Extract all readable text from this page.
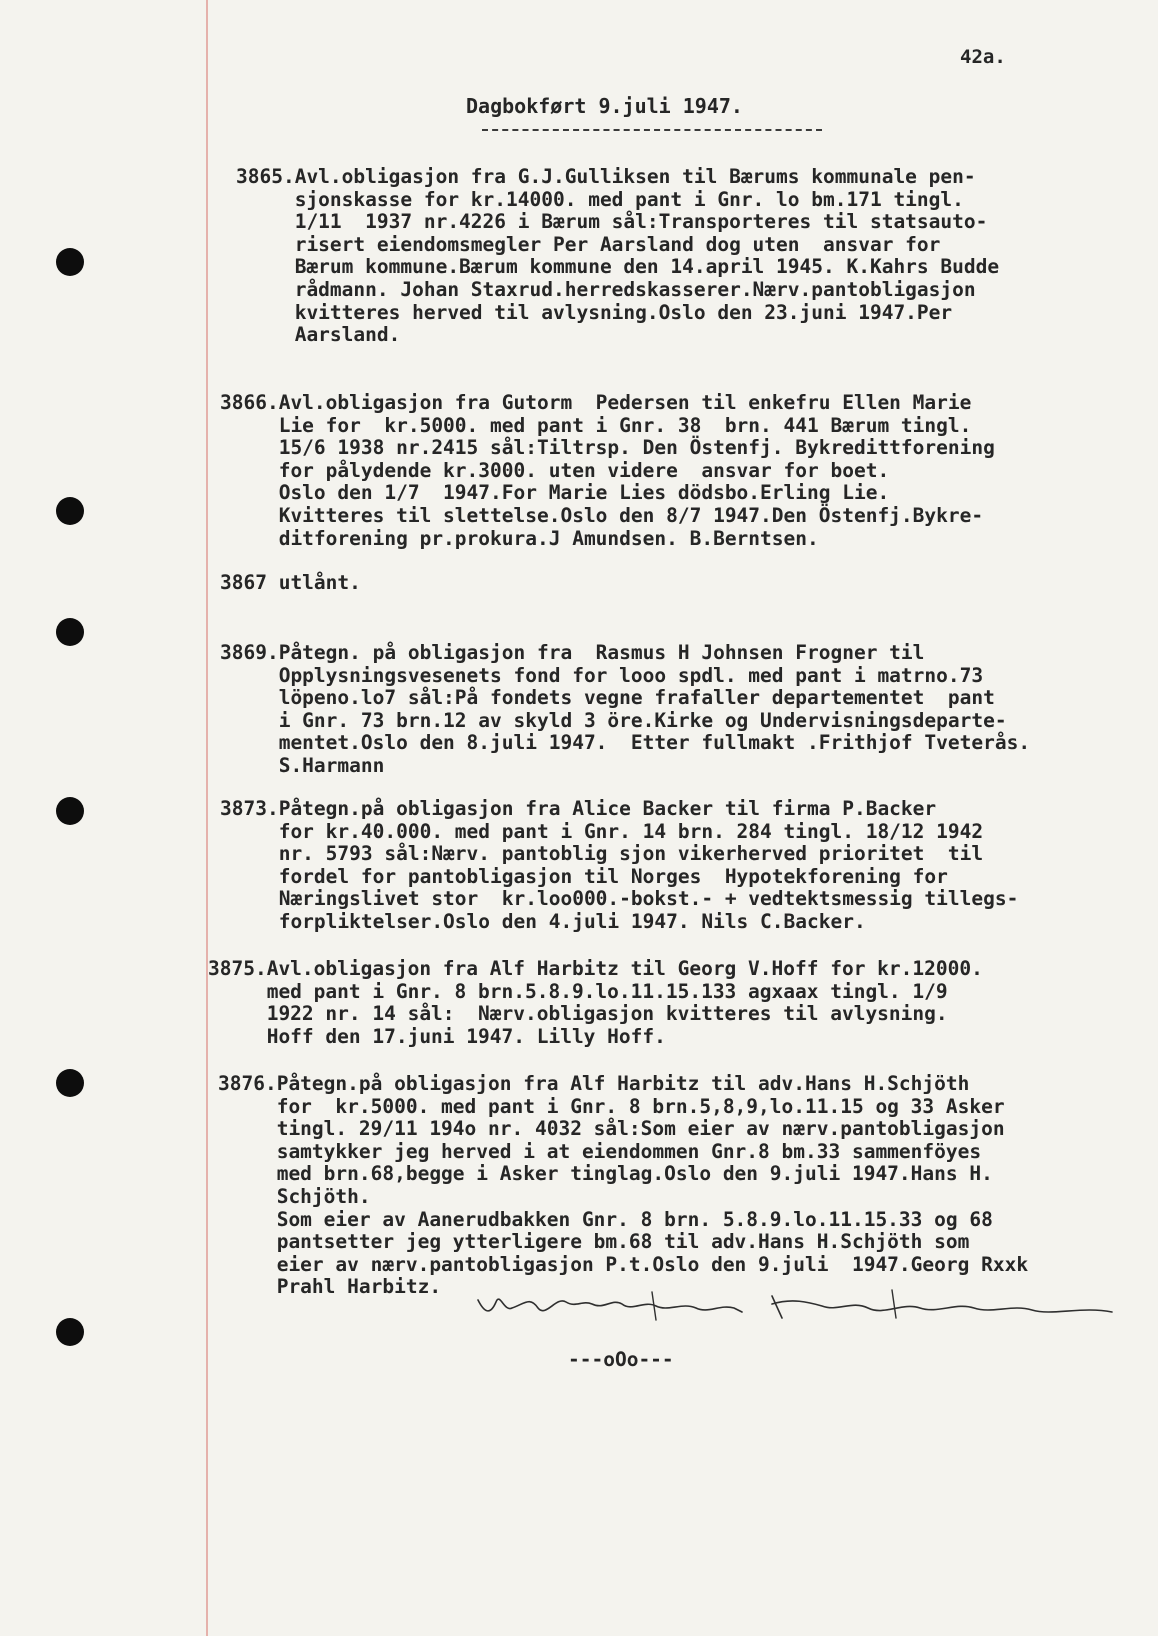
42a.
Dagbokført 9.juli 1947.
3865.Avl.obligasjon fra G.J.Gulliksen til Bærums kommunale pen-
sjonskasse for kr.14000. med pant i Gnr. lo bm.171 tingl.
1/11  1937 nr.4226 i Bærum sål:Transporteres til statsauto-
risert eiendomsmegler Per Aarsland dog uten  ansvar for
Bærum kommune.Bærum kommune den 14.april 1945. K.Kahrs Budde
rådmann. Johan Staxrud.herredskasserer.Nærv.pantobligasjon
kvitteres herved til avlysning.Oslo den 23.juni 1947.Per
Aarsland.
3866.Avl.obligasjon fra Gutorm  Pedersen til enkefru Ellen Marie
Lie for  kr.5000. med pant i Gnr. 38  brn. 441 Bærum tingl.
15/6 1938 nr.2415 sål:Tiltrsp. Den Östenfj. Bykredittforening
for pålydende kr.3000. uten videre  ansvar for boet.
Oslo den 1/7  1947.For Marie Lies dödsbo.Erling Lie.
Kvitteres til slettelse.Oslo den 8/7 1947.Den Östenfj.Bykre-
ditforening pr.prokura.J Amundsen. B.Berntsen.
3867 utlånt.
3869.Påtegn. på obligasjon fra  Rasmus H Johnsen Frogner til
Opplysningsvesenets fond for looo spdl. med pant i matrno.73
löpeno.lo7 sål:På fondets vegne frafaller departementet  pant
i Gnr. 73 brn.12 av skyld 3 öre.Kirke og Undervisningsdeparte-
mentet.Oslo den 8.juli 1947.  Etter fullmakt .Frithjof Tveterås.
S.Harmann
3873.Påtegn.på obligasjon fra Alice Backer til firma P.Backer
for kr.40.000. med pant i Gnr. 14 brn. 284 tingl. 18/12 1942
nr. 5793 sål:Nærv. pantoblig sjon vikerherved prioritet  til
fordel for pantobligasjon til Norges  Hypotekforening for
Næringslivet stor  kr.loo000.-bokst.- + vedtektsmessig tillegs-
forpliktelser.Oslo den 4.juli 1947. Nils C.Backer.
3875.Avl.obligasjon fra Alf Harbitz til Georg V.Hoff for kr.12000.
med pant i Gnr. 8 brn.5.8.9.lo.11.15.133 agxaax tingl. 1/9
1922 nr. 14 sål:  Nærv.obligasjon kvitteres til avlysning.
Hoff den 17.juni 1947. Lilly Hoff.
3876.Påtegn.på obligasjon fra Alf Harbitz til adv.Hans H.Schjöth
for  kr.5000. med pant i Gnr. 8 brn.5,8,9,lo.11.15 og 33 Asker
tingl. 29/11 194o nr. 4032 sål:Som eier av nærv.pantobligasjon
samtykker jeg herved i at eiendommen Gnr.8 bm.33 sammenföyes
med brn.68,begge i Asker tinglag.Oslo den 9.juli 1947.Hans H.
Schjöth.
Som eier av Aanerudbakken Gnr. 8 brn. 5.8.9.lo.11.15.33 og 68
pantsetter jeg ytterligere bm.68 til adv.Hans H.Schjöth som
eier av nærv.pantobligasjon P.t.Oslo den 9.juli  1947.Georg Rxxk
Prahl Harbitz.
---oOo---
